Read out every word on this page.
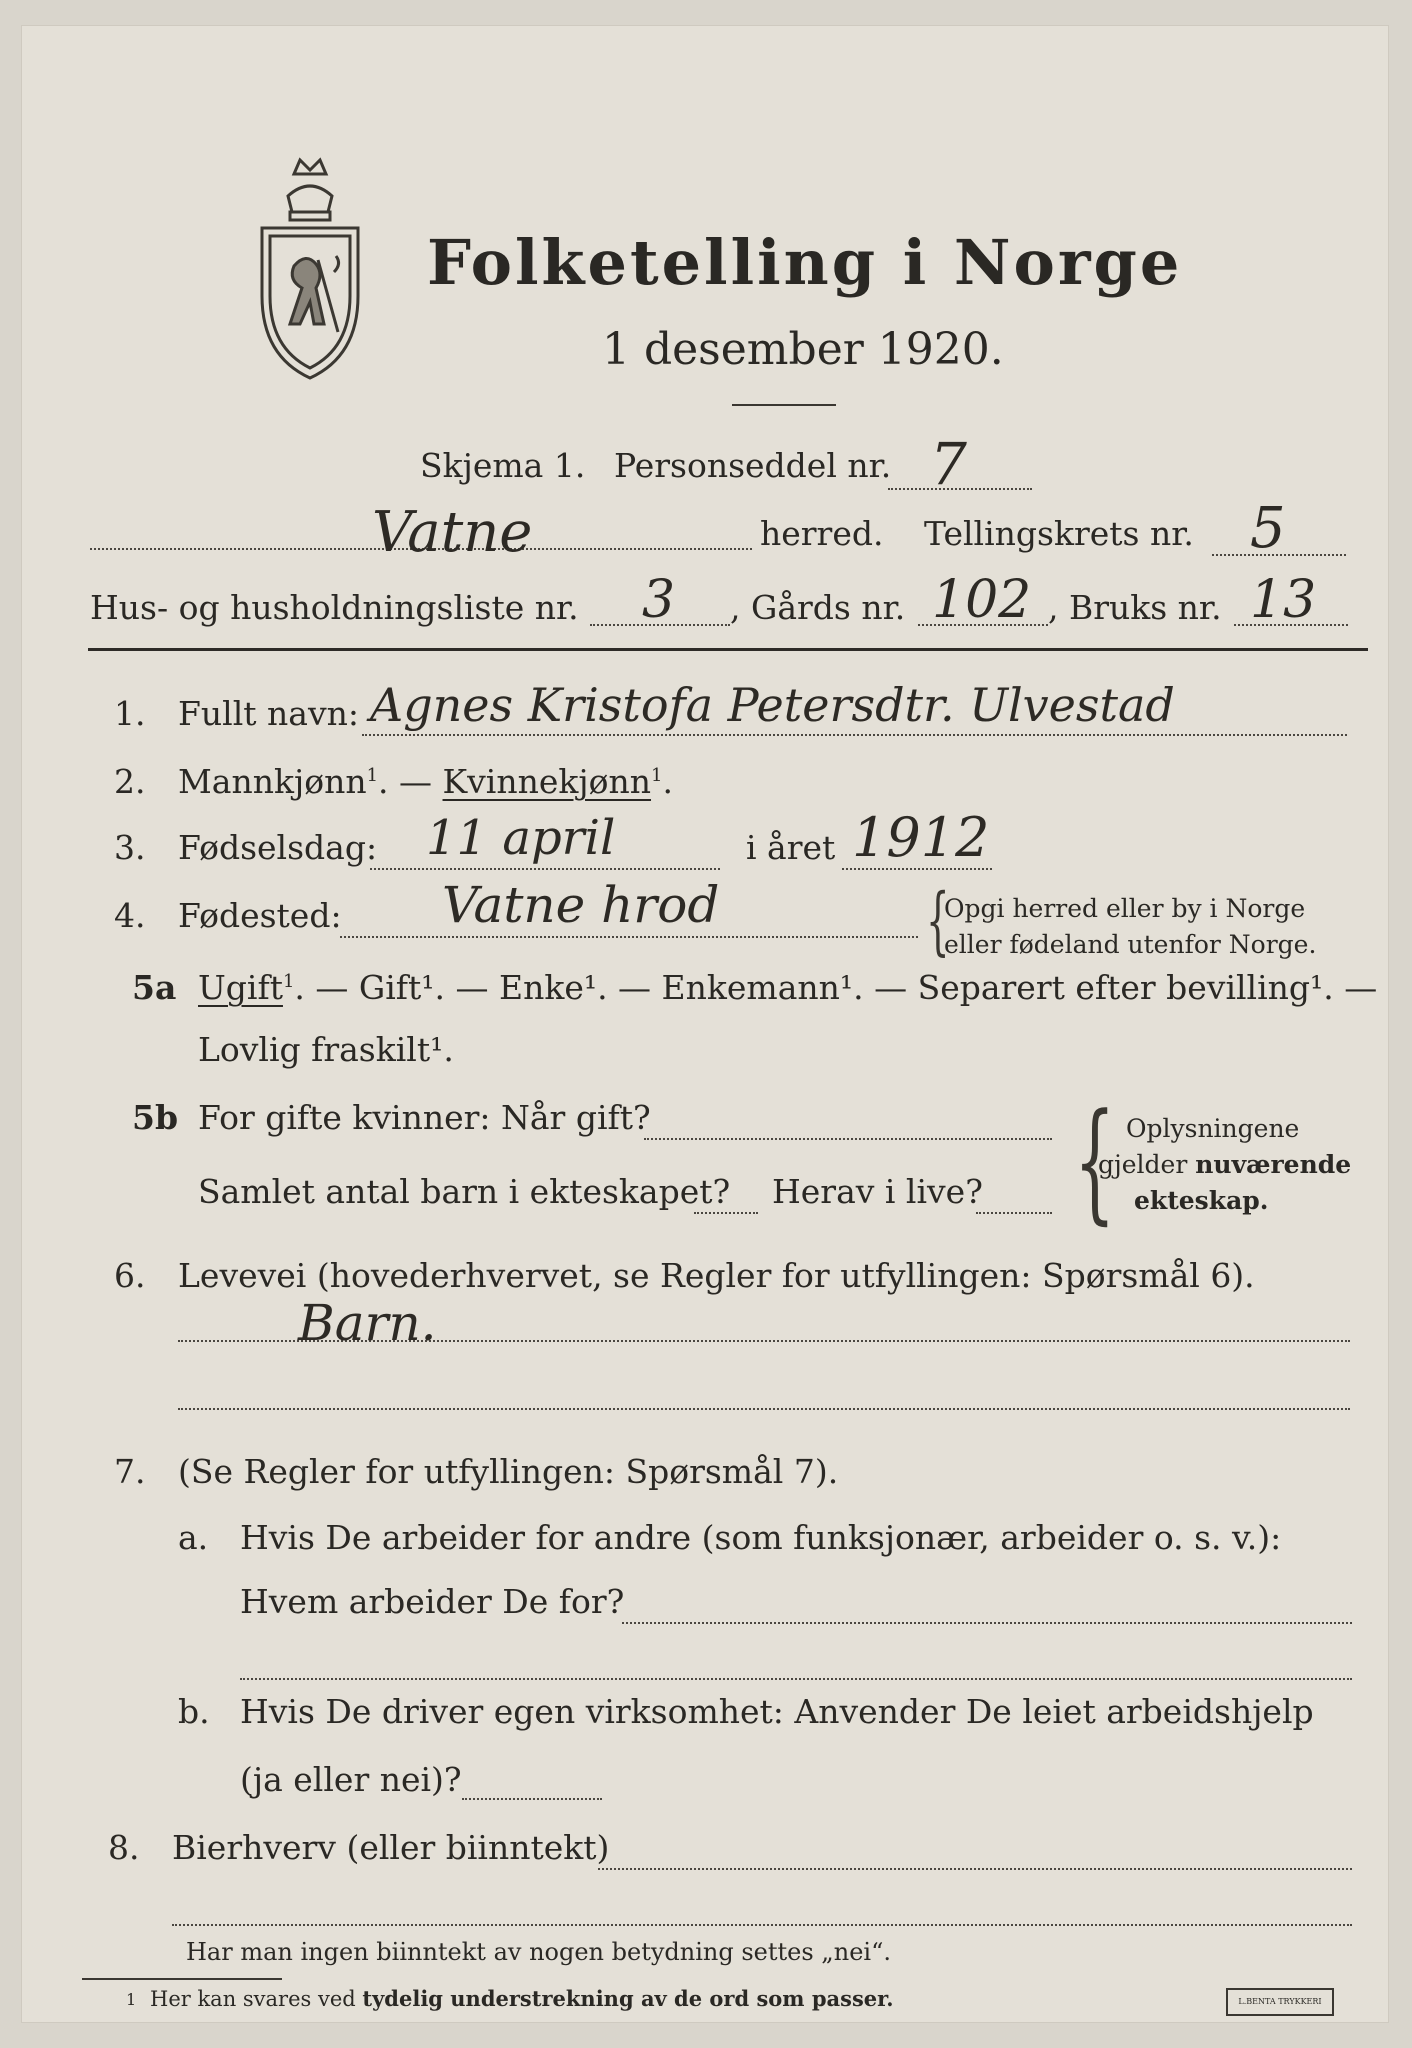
Folketelling i Norge
1 desember 1920.
Skjema 1. Personseddel nr. 7
Vatne	herred. Tellingskrets nr. 5
Hus- og husholdningsliste nr. 3 , Gårds nr. 102 , Bruks nr. 13
1. Fullt navn: Agnes Kristofa Petersdtr. Ulvestad
2. Mannkjønn$^1$. — Kvinnekjønn$^1$.
3. Fødselsdag: 11 april	i året 1912
4. Fødested: Vatne hrod	{
Opgi herred eller by i Norge
eller fødeland utenfor Norge.
5a Ugift$^1$. — Gift¹. — Enke¹. — Enkemann¹. — Separert efter bevilling¹. —
Lovlig fraskilt¹.
5b For gifte kvinner: Når gift?
Samlet antal barn i ekteskapet? Herav i live? { Oplysningene
gjelder nuværende
ekteskap.
6. Levevei (hovederhvervet, se Regler for utfyllingen: Spørsmål 6).
Barn.
7. (Se Regler for utfyllingen: Spørsmål 7).
a. Hvis De arbeider for andre (som funksjonær, arbeider o. s. v.):
Hvem arbeider De for?
b. Hvis De driver egen virksomhet: Anvender De leiet arbeidshjelp
(ja eller nei)?
8. Bierhverv (eller biinntekt)
Har man ingen biinntekt av nogen betydning settes „nei“.
1 Her kan svares ved tydelig understrekning av de ord som passer.	L.BENTA TRYKKERI
